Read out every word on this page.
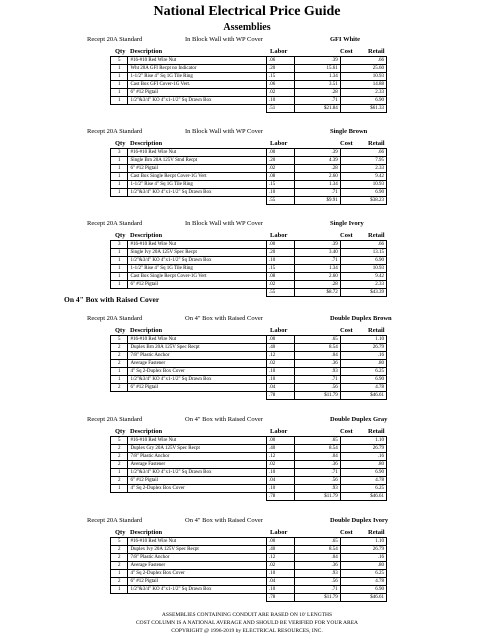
National Electrical Price Guide
Assemblies
Recept 20A Standard	In Block Wall with WP Cover	GFI White
Qty Description	Labor	Cost Retail
5	#16-#10 Red Wire Nut	.06	.39	.66
1	Wht 20A GFI Recpt no Indicator	.20	15.61	25.60
1	1-1/2" Rise 4" Sq 1G Tile Ring	.15	1.34	10.93
1	Cast Box GFI Cover-1G Vert.	.06	3.51	14.88
1	6" #12 Pigtail	.02	.28	2.33
1	1/2"&3/4" KO 4"x1-1/2" Sq Drawn Box	.10	.71	6.90
		.51	$21.84	$61.33
Recept 20A Standard	In Block Wall with WP Cover	Single Brown
Qty Description	Labor	Cost Retail
3	#16-#10 Red Wire Nut	.00	.39	.66
1	Single Brn 20A 125V Stnd Recpt	.20	4.39	7.95
1	6" #12 Pigtail	.02	.28	2.33
1	Cast Box Single Recpt Cover-1G Vert	.08	2.60	9.42
1	1-1/2" Rise 4" Sq 1G Tile Ring	.15	1.34	10.93
1	1/2"&3/4" KO 4"x1-1/2" Sq Drawn Box	.10	.71	6.90
		.55	$9.91	$38.23
Recept 20A Standard	In Block Wall with WP Cover	Single Ivory
Qty Description	Labor	Cost Retail
3	#16-#10 Red Wire Nut	.00	.39	.66
1	Single Ivy 20A 125V Spec Recpt	.20	3.40	13.15
1	1/2"&3/4" KO 4"x1-1/2" Sq Drawn Box	.10	.71	6.90
1	1-1/2" Rise 4" Sq 1G Tile Ring	.15	1.34	10.93
1	Cast Box Single Recpt Cover-1G Vert	.08	2.60	9.42
1	6" #12 Pigtail	.02	.28	2.33
		.55	$8.72	$43.39
Recept 20A Standard	On 4" Box with Raised Cover	Double Duplex Brown
Qty Description	Labor	Cost Retail
5	#16-#10 Red Wire Nut	.00	.65	1.10
2	Duplex Brn 20A 125V Spec Recpt	.40	8.54	26.79
2	7/8" Plastic Anchor	.12	.04	.16
2	Average Fastener	.02	.36	.80
1	4" Sq 2-Duplex Box Cover	.10	.93	6.25
1	1/2"&3/4" KO 4"x1-1/2" Sq Drawn Box	.10	.71	6.90
2	6" #12 Pigtail	.04	.56	4.78
		.78	$11.79	$46.61
Recept 20A Standard	On 4" Box with Raised Cover	Double Duplex Gray
Qty Description	Labor	Cost Retail
5	#16-#10 Red Wire Nut	.00	.65	1.10
2	Duplex Gry 20A 125V Spec Recpt	.40	8.54	26.79
2	7/8" Plastic Anchor	.12	.04	.16
2	Average Fastener	.02	.36	.80
1	1/2"&3/4" KO 4"x1-1/2" Sq Drawn Box	.10	.71	6.90
2	6" #12 Pigtail	.04	.56	4.78
1	4" Sq 2-Duplex Box Cover	.10	.93	6.25
		.78	$11.79	$46.61
Recept 20A Standard	On 4" Box with Raised Cover	Double Duplex Ivory
Qty Description	Labor	Cost Retail
5	#16-#10 Red Wire Nut	.00	.65	1.10
2	Duplex Ivy 20A 125V Spec Recpt	.40	8.54	26.79
2	7/8" Plastic Anchor	.12	.04	.16
2	Average Fastener	.02	.36	.80
1	4" Sq 2-Duplex Box Cover	.10	.93	6.25
2	6" #12 Pigtail	.04	.56	4.78
1	1/2"&3/4" KO 4"x1-1/2" Sq Drawn Box	.10	.71	6.90
		.78	$11.79	$46.61
On 4" Box with Raised Cover
ASSEMBLIES CONTAINING CONDUIT ARE BASED ON 10' LENGTHS
COST COLUMN IS A NATIONAL AVERAGE AND SHOULD BE VERIFIED FOR YOUR AREA
COPYRIGHT @ 1996-2019 by ELECTRICAL RESOURCES, INC.
